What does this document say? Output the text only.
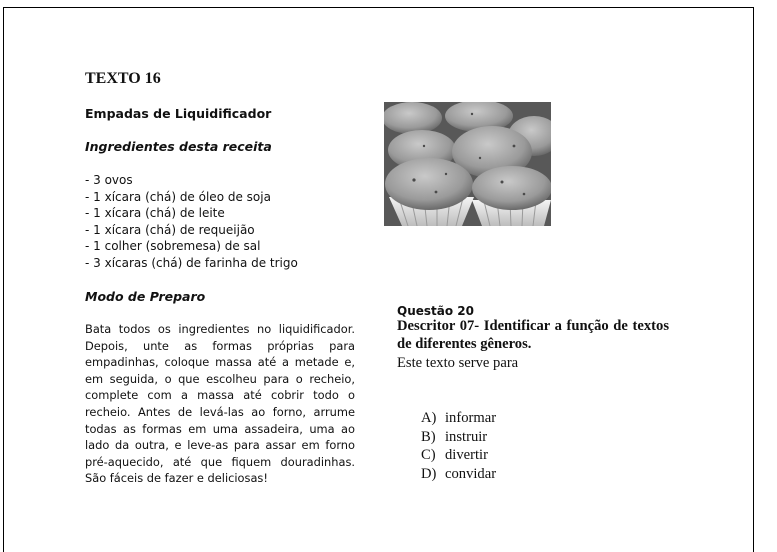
TEXTO 16
Empadas de Liquidificador
Ingredientes desta receita
- 3 ovos
- 1 xícara (chá) de óleo de soja
- 1 xícara (chá) de leite
- 1 xícara (chá) de requeijão
- 1 colher (sobremesa) de sal
- 3 xícaras (chá) de farinha de trigo
Modo de Preparo

Bata todos os ingredientes no liquidificador. Depois, unte as formas próprias para empadinhas, coloque massa até a metade e, em seguida, o que escolheu para o recheio, complete com a massa até cobrir todo o recheio. Antes de levá-las ao forno, arrume todas as formas em uma assadeira, uma ao lado da outra, e leve-as para assar em forno pré-aquecido, até que fiquem douradinhas. São fáceis de fazer e deliciosas!

Questão 20

Descritor 07- Identificar a função de textos de diferentes gêneros.

Este texto serve para
A) informar
B) instruir
C) divertir
D) convidar
